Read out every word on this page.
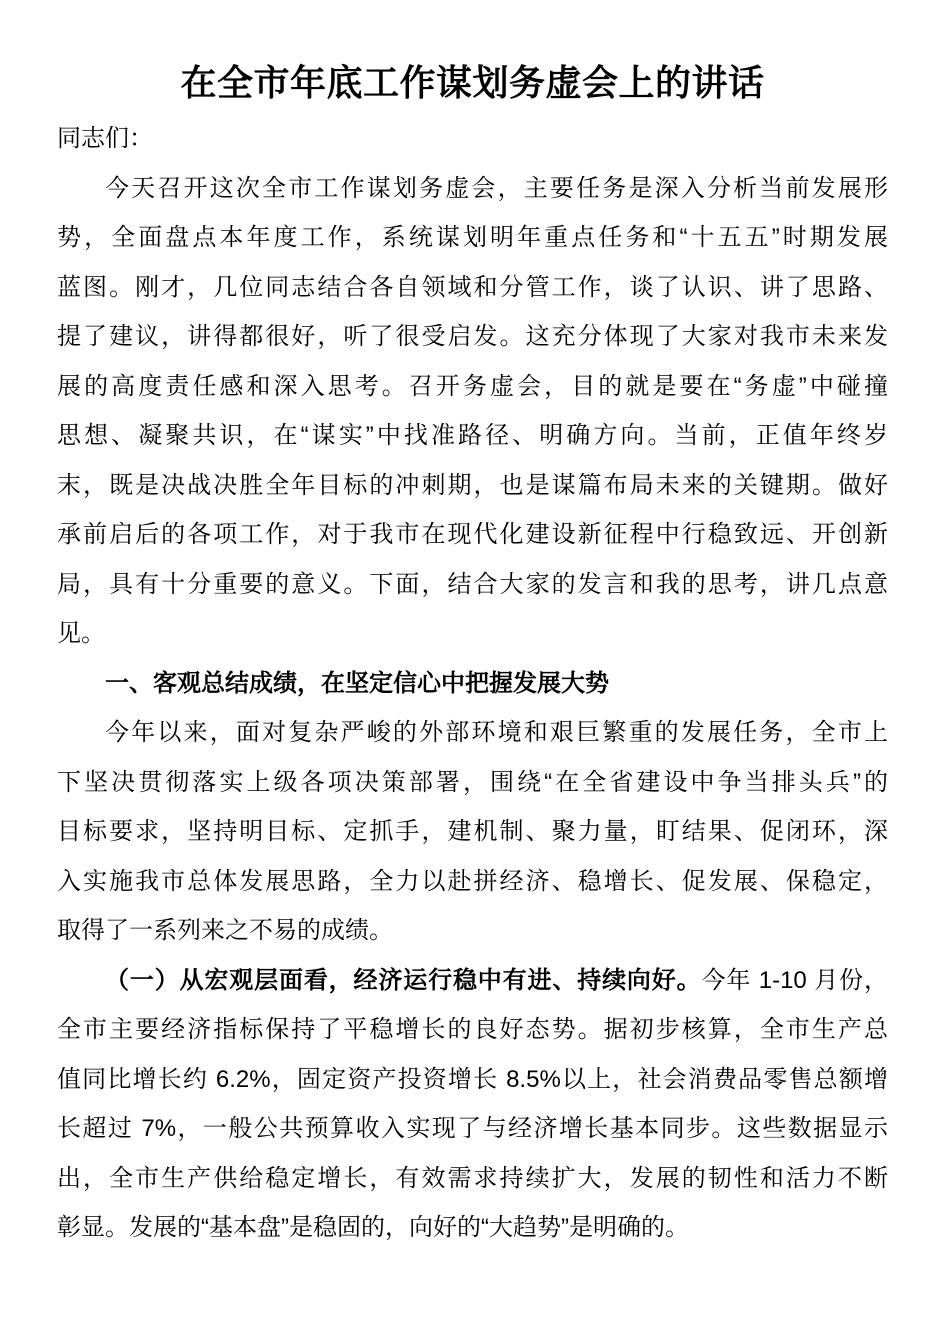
在全市年底工作谋划务虚会上的讲话
同志们：
今天召开这次全市工作谋划务虚会，主要任务是深入分析当前发展形
势，全面盘点本年度工作，系统谋划明年重点任务和“十五五”时期发展
蓝图。刚才，几位同志结合各自领域和分管工作，谈了认识、讲了思路、
提了建议，讲得都很好，听了很受启发。这充分体现了大家对我市未来发
展的高度责任感和深入思考。召开务虚会，目的就是要在“务虚”中碰撞
思想、凝聚共识，在“谋实”中找准路径、明确方向。当前，正值年终岁
末，既是决战决胜全年目标的冲刺期，也是谋篇布局未来的关键期。做好
承前启后的各项工作，对于我市在现代化建设新征程中行稳致远、开创新
局，具有十分重要的意义。下面，结合大家的发言和我的思考，讲几点意
见。
一、客观总结成绩，在坚定信心中把握发展大势
今年以来，面对复杂严峻的外部环境和艰巨繁重的发展任务，全市上
下坚决贯彻落实上级各项决策部署，围绕“在全省建设中争当排头兵”的
目标要求，坚持明目标、定抓手，建机制、聚力量，盯结果、促闭环，深
入实施我市总体发展思路，全力以赴拼经济、稳增长、促发展、保稳定，
取得了一系列来之不易的成绩。
（一）从宏观层面看，经济运行稳中有进、持续向好。今年 1-10 月份，
全市主要经济指标保持了平稳增长的良好态势。据初步核算，全市生产总
值同比增长约 6.2%，固定资产投资增长 8.5%以上，社会消费品零售总额增
长超过 7%，一般公共预算收入实现了与经济增长基本同步。这些数据显示
出，全市生产供给稳定增长，有效需求持续扩大，发展的韧性和活力不断
彰显。发展的“基本盘”是稳固的，向好的“大趋势”是明确的。
